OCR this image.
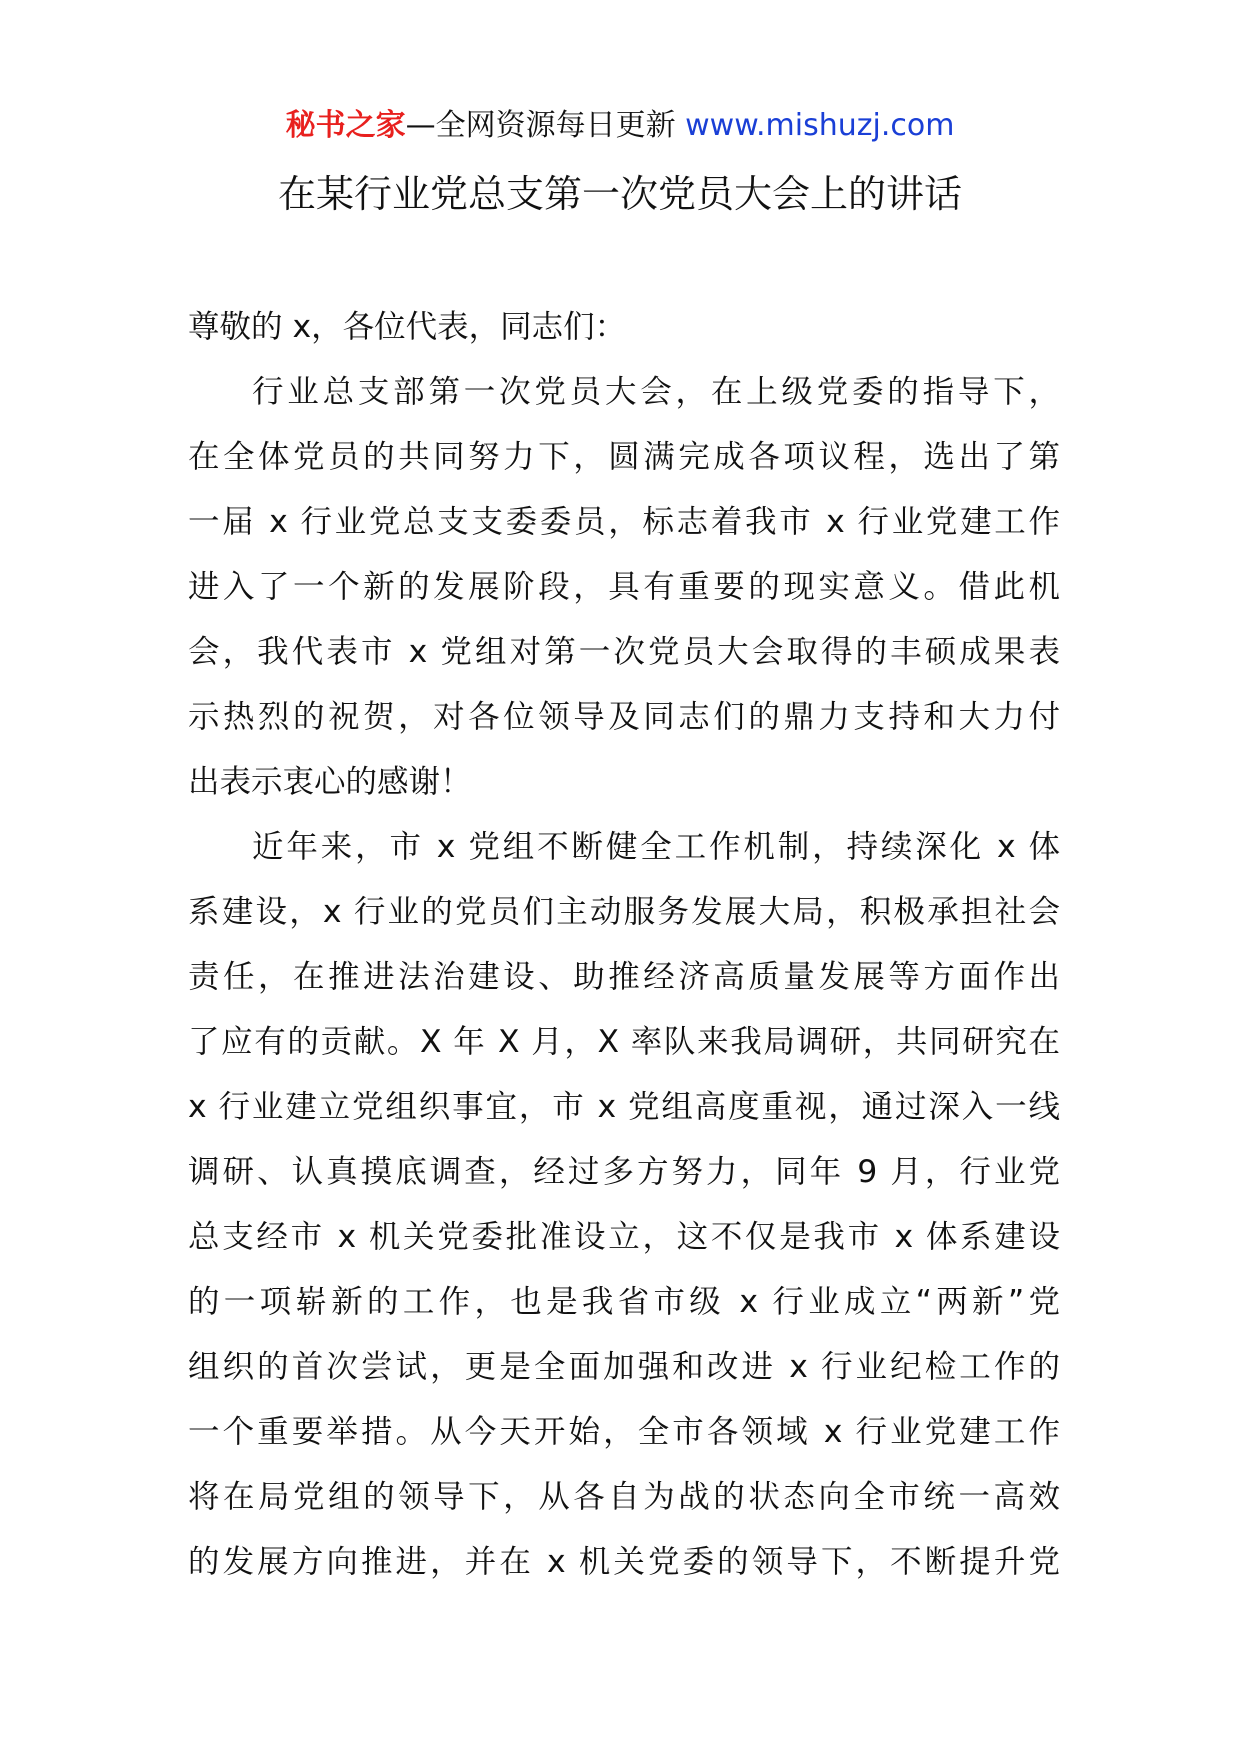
秘书之家—全网资源每日更新 www.mishuzj.com
在某行业党总支第一次党员大会上的讲话
尊敬的 x，各位代表，同志们：
行业总支部第一次党员大会，在上级党委的指导下，
在全体党员的共同努力下，圆满完成各项议程，选出了第
一届 x 行业党总支支委委员，标志着我市 x 行业党建工作
进入了一个新的发展阶段，具有重要的现实意义。借此机
会，我代表市 x 党组对第一次党员大会取得的丰硕成果表
示热烈的祝贺，对各位领导及同志们的鼎力支持和大力付
出表示衷心的感谢！
近年来，市 x 党组不断健全工作机制，持续深化 x 体
系建设，x 行业的党员们主动服务发展大局，积极承担社会
责任，在推进法治建设、助推经济高质量发展等方面作出
了应有的贡献。X 年 X 月，X 率队来我局调研，共同研究在
x 行业建立党组织事宜，市 x 党组高度重视，通过深入一线
调研、认真摸底调查，经过多方努力，同年 9 月，行业党
总支经市 x 机关党委批准设立，这不仅是我市 x 体系建设
的一项崭新的工作，也是我省市级 x 行业成立“两新”党
组织的首次尝试，更是全面加强和改进 x 行业纪检工作的
一个重要举措。从今天开始，全市各领域 x 行业党建工作
将在局党组的领导下，从各自为战的状态向全市统一高效
的发展方向推进，并在 x 机关党委的领导下，不断提升党
